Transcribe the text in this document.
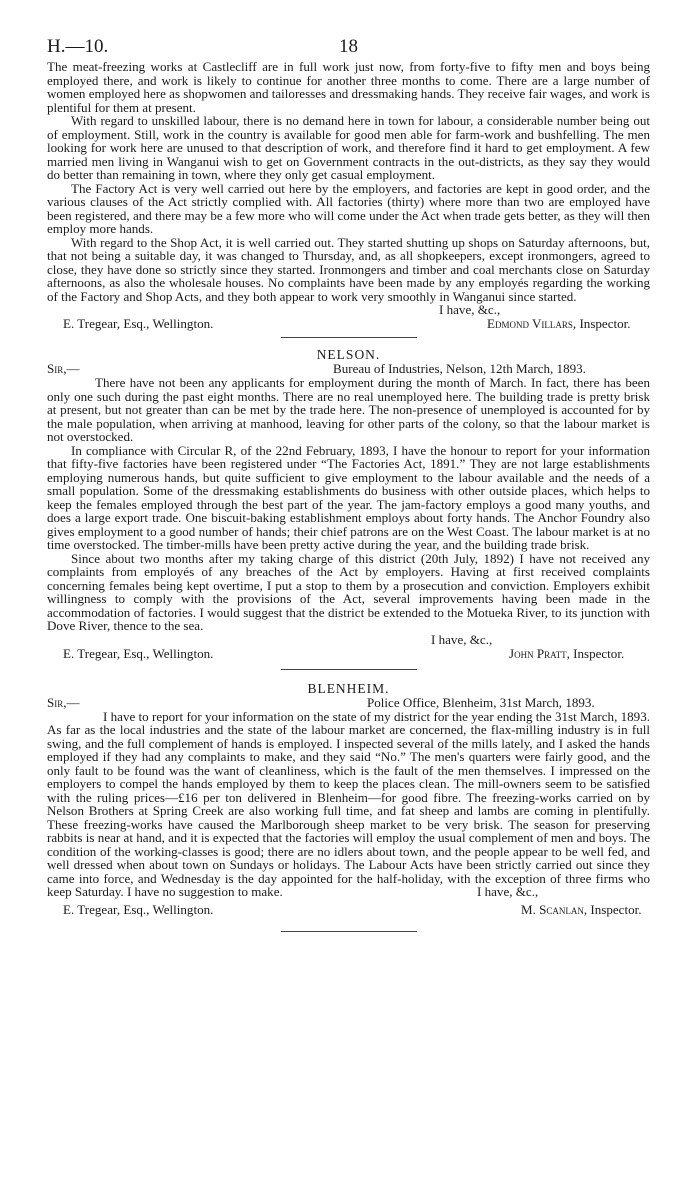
H.—10.	18

The meat-freezing works at Castlecliff are in full work just now, from forty-five to fifty men and boys being employed there, and work is likely to continue for another three months to come. There are a large number of women employed here as shopwomen and tailoresses and dressmaking hands. They receive fair wages, and work is plentiful for them at present.

With regard to unskilled labour, there is no demand here in town for labour, a considerable number being out of employment. Still, work in the country is available for good men able for farm-work and bushfelling. The men looking for work here are unused to that description of work, and therefore find it hard to get employment. A few married men living in Wanganui wish to get on Government contracts in the out-districts, as they say they would do better than remaining in town, where they only get casual employment.

The Factory Act is very well carried out here by the employers, and factories are kept in good order, and the various clauses of the Act strictly complied with. All factories (thirty) where more than two are employed have been registered, and there may be a few more who will come under the Act when trade gets better, as they will then employ more hands.

With regard to the Shop Act, it is well carried out. They started shutting up shops on Saturday afternoons, but, that not being a suitable day, it was changed to Thursday, and, as all shopkeepers, except ironmongers, agreed to close, they have done so strictly since they started. Ironmongers and timber and coal merchants close on Saturday afternoons, as also the wholesale houses. No complaints have been made by any employés regarding the working of the Factory and Shop Acts, and they both appear to work very smoothly in Wanganui since started.

I have, &c.,
E. Tregear, Esq., Wellington.	Edmond Villars, Inspector.
NELSON.
Sir,—	Bureau of Industries, Nelson, 12th March, 1893.

There have not been any applicants for employment during the month of March. In fact, there has been only one such during the past eight months. There are no real unemployed here. The building trade is pretty brisk at present, but not greater than can be met by the trade here. The non-presence of unemployed is accounted for by the male population, when arriving at manhood, leaving for other parts of the colony, so that the labour market is not overstocked.

In compliance with Circular R, of the 22nd February, 1893, I have the honour to report for your information that fifty-five factories have been registered under “The Factories Act, 1891.” They are not large establishments employing numerous hands, but quite sufficient to give employment to the labour available and the needs of a small population. Some of the dressmaking establishments do business with other outside places, which helps to keep the females employed through the best part of the year. The jam-factory employs a good many youths, and does a large export trade. One biscuit-baking establishment employs about forty hands. The Anchor Foundry also gives employment to a good number of hands; their chief patrons are on the West Coast. The labour market is at no time overstocked. The timber-mills have been pretty active during the year, and the building trade brisk.

Since about two months after my taking charge of this district (20th July, 1892) I have not received any complaints from employés of any breaches of the Act by employers. Having at first received complaints concerning females being kept overtime, I put a stop to them by a prosecution and conviction. Employers exhibit willingness to comply with the provisions of the Act, several improvements having been made in the accommodation of factories. I would suggest that the district be extended to the Motueka River, to its junction with Dove River, thence to the sea.

I have, &c.,
E. Tregear, Esq., Wellington.	John Pratt, Inspector.
BLENHEIM.
Sir,—	Police Office, Blenheim, 31st March, 1893.

I have to report for your information on the state of my district for the year ending the 31st March, 1893. As far as the local industries and the state of the labour market are concerned, the flax-milling industry is in full swing, and the full complement of hands is employed. I inspected several of the mills lately, and I asked the hands employed if they had any complaints to make, and they said “No.” The men's quarters were fairly good, and the only fault to be found was the want of cleanliness, which is the fault of the men themselves. I impressed on the employers to compel the hands employed by them to keep the places clean. The mill-owners seem to be satisfied with the ruling prices—£16 per ton delivered in Blenheim—for good fibre. The freezing-works carried on by Nelson Brothers at Spring Creek are also working full time, and fat sheep and lambs are coming in plentifully. These freezing-works have caused the Marlborough sheep market to be very brisk. The season for preserving rabbits is near at hand, and it is expected that the factories will employ the usual complement of men and boys. The condition of the working-classes is good; there are no idlers about town, and the people appear to be well fed, and well dressed when about town on Sundays or holidays. The Labour Acts have been strictly carried out since they came into force, and Wednesday is the day appointed for the half-holiday, with the exception of three firms who keep Saturday. I have no suggestion to make.	I have, &c.,
E. Tregear, Esq., Wellington.	M. Scanlan, Inspector.
